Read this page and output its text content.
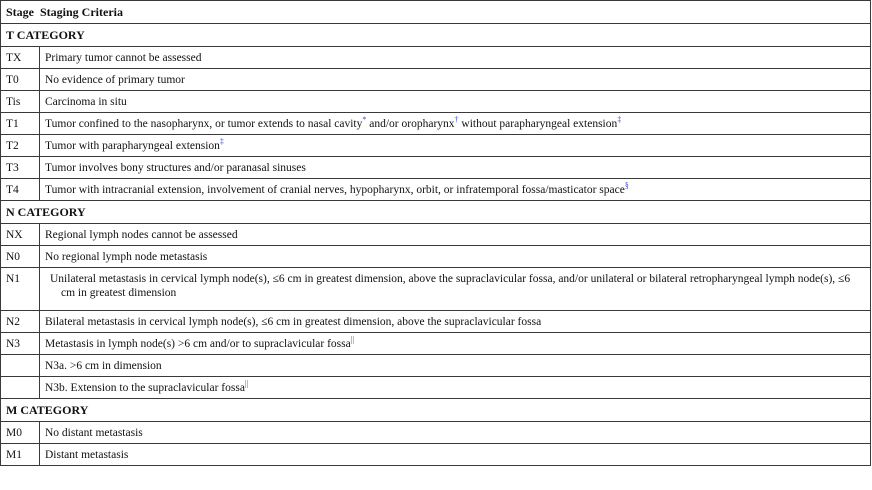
Stage Staging Criteria	
T CATEGORY	
TX	Primary tumor cannot be assessed
T0	No evidence of primary tumor
Tis	Carcinoma in situ
T1	Tumor confined to the nasopharynx, or tumor extends to nasal cavity* and/or oropharynx† without parapharyngeal extension‡
T2	Tumor with parapharyngeal extension‡
T3	Tumor involves bony structures and/or paranasal sinuses
T4	Tumor with intracranial extension, involvement of cranial nerves, hypopharynx, orbit, or infratemporal fossa/masticator space§
N CATEGORY	
NX	Regional lymph nodes cannot be assessed
N0	No regional lymph node metastasis
N1	Unilateral metastasis in cervical lymph node(s), ≤6 cm in greatest dimension, above the supraclavicular fossa, and/or unilateral or bilateral retropharyngeal lymph node(s), ≤6 cm in greatest dimension

N2	Bilateral metastasis in cervical lymph node(s), ≤6 cm in greatest dimension, above the supraclavicular fossa
N3	Metastasis in lymph node(s) >6 cm and/or to supraclavicular fossa||
	N3a. >6 cm in dimension
	N3b. Extension to the supraclavicular fossa||
M CATEGORY	
M0	No distant metastasis
M1	Distant metastasis
